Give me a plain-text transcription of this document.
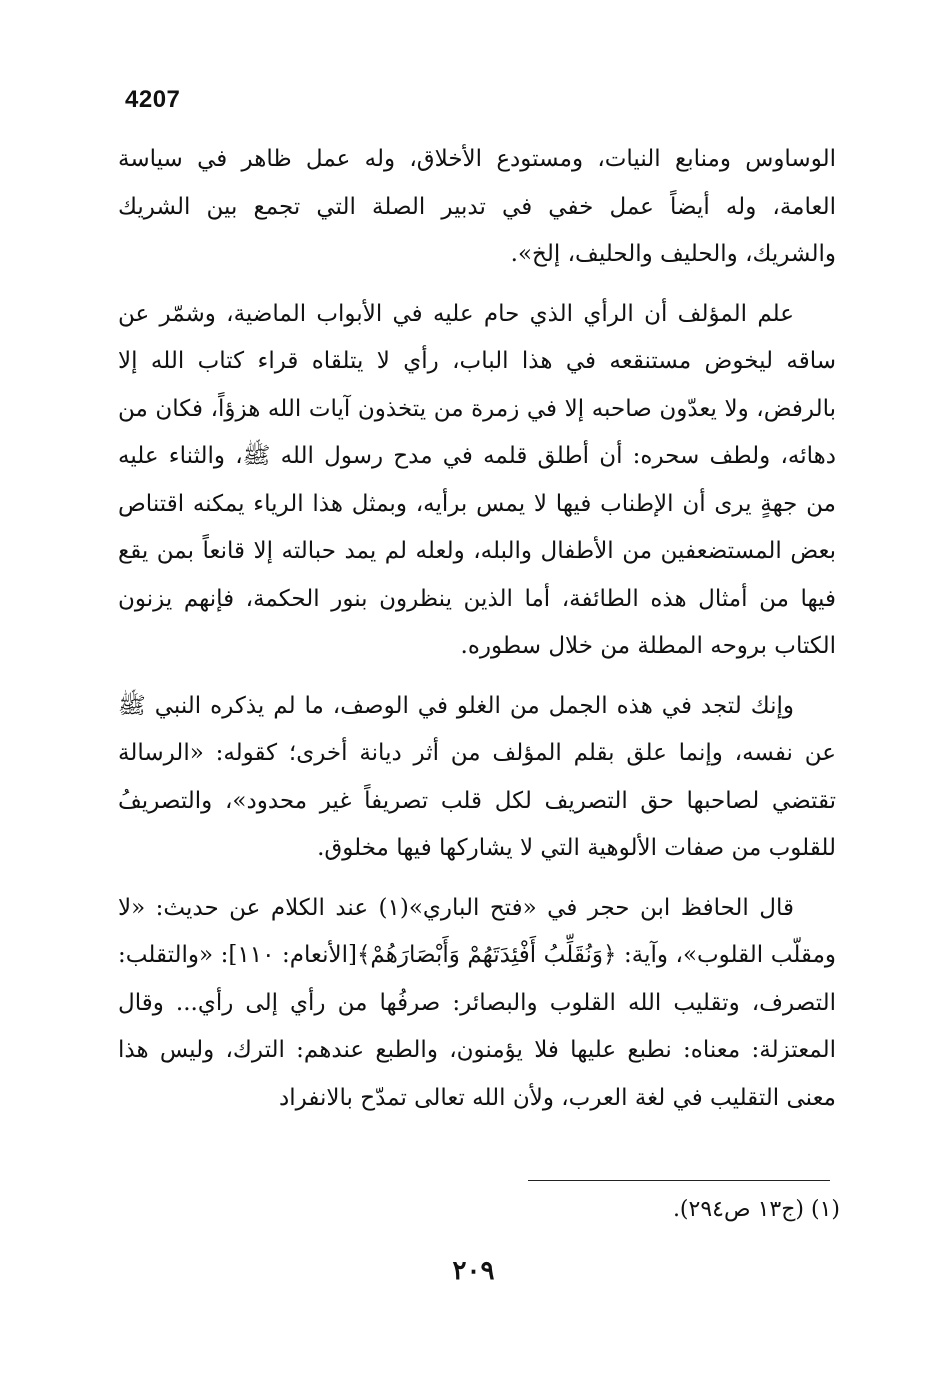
4207

الوساوس ومنابع النيات، ومستودع الأخلاق، وله عمل ظاهر في سياسة العامة، وله أيضاً عمل خفي في تدبير الصلة التي تجمع بين الشريك والشريك، والحليف والحليف، إلخ».

علم المؤلف أن الرأي الذي حام عليه في الأبواب الماضية، وشمّر عن ساقه ليخوض مستنقعه في هذا الباب، رأي لا يتلقاه قراء كتاب الله إلا بالرفض، ولا يعدّون صاحبه إلا في زمرة من يتخذون آيات الله هزؤاً، فكان من دهائه، ولطف سحره: أن أطلق قلمه في مدح رسول الله ﷺ، والثناء عليه من جهةٍ يرى أن الإطناب فيها لا يمس برأيه، وبمثل هذا الرياء يمكنه اقتناص بعض المستضعفين من الأطفال والبله، ولعله لم يمد حبالته إلا قانعاً بمن يقع فيها من أمثال هذه الطائفة، أما الذين ينظرون بنور الحكمة، فإنهم يزنون الكتاب بروحه المطلة من خلال سطوره.

وإنك لتجد في هذه الجمل من الغلو في الوصف، ما لم يذكره النبي ﷺ عن نفسه، وإنما علق بقلم المؤلف من أثر ديانة أخرى؛ كقوله: «الرسالة تقتضي لصاحبها حق التصريف لكل قلب تصريفاً غير محدود»، والتصريفُ للقلوب من صفات الألوهية التي لا يشاركها فيها مخلوق.

قال الحافظ ابن حجر في «فتح الباري»(١) عند الكلام عن حديث: «لا ومقلّب القلوب»، وآية: ﴿وَنُقَلِّبُ أَفْئِدَتَهُمْ وَأَبْصَارَهُمْ﴾[الأنعام: ١١٠]: «والتقلب: التصرف، وتقليب الله القلوب والبصائر: صرفُها من رأي إلى رأي... وقال المعتزلة: معناه: نطبع عليها فلا يؤمنون، والطبع عندهم: الترك، وليس هذا معنى التقليب في لغة العرب، ولأن الله تعالى تمدّح بالانفراد

(١) (ج١٣ ص٢٩٤).
٢٠٩
